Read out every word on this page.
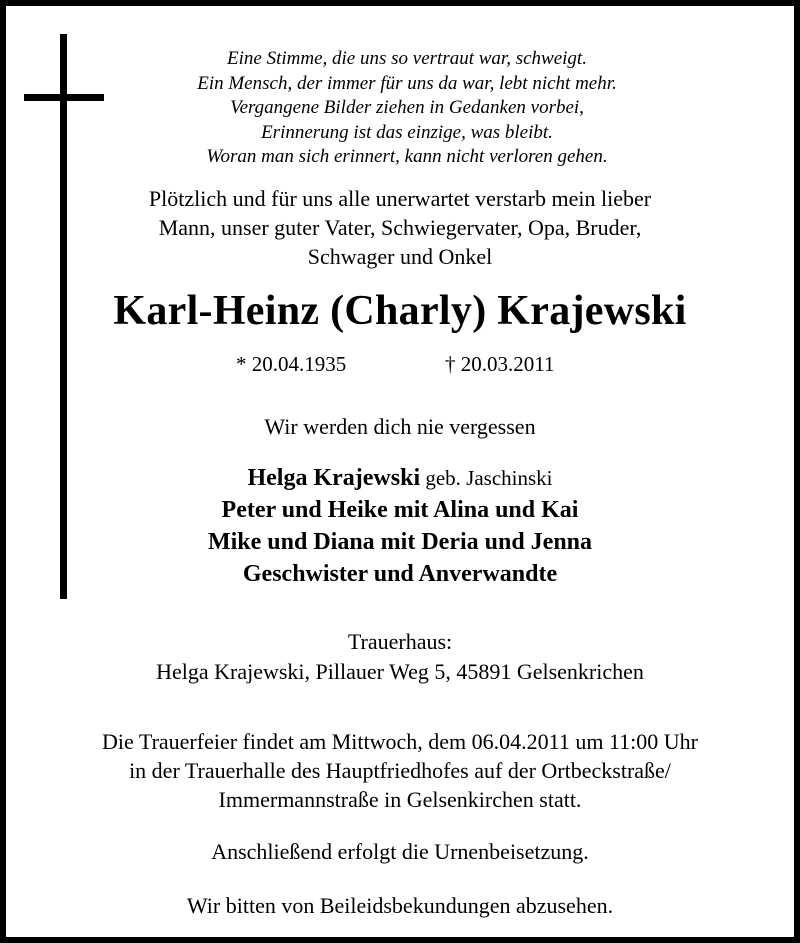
Eine Stimme, die uns so vertraut war, schweigt.
Ein Mensch, der immer für uns da war, lebt nicht mehr.
Vergangene Bilder ziehen in Gedanken vorbei,
Erinnerung ist das einzige, was bleibt.
Woran man sich erinnert, kann nicht verloren gehen.
Plötzlich und für uns alle unerwartet verstarb mein lieber
Mann, unser guter Vater, Schwiegervater, Opa, Bruder,
Schwager und Onkel
Karl-Heinz (Charly) Krajewski
* 20.04.1935	† 20.03.2011

Wir werden dich nie vergessen
Helga Krajewski geb. Jaschinski
Peter und Heike mit Alina und Kai
Mike und Diana mit Deria und Jenna
Geschwister und Anverwandte
Trauerhaus:
Helga Krajewski, Pillauer Weg 5, 45891 Gelsenkrichen
Die Trauerfeier findet am Mittwoch, dem 06.04.2011 um 11:00 Uhr
in der Trauerhalle des Hauptfriedhofes auf der Ortbeckstraße/
Immermannstraße in Gelsenkirchen statt.
Anschließend erfolgt die Urnenbeisetzung.
Wir bitten von Beileidsbekundungen abzusehen.
